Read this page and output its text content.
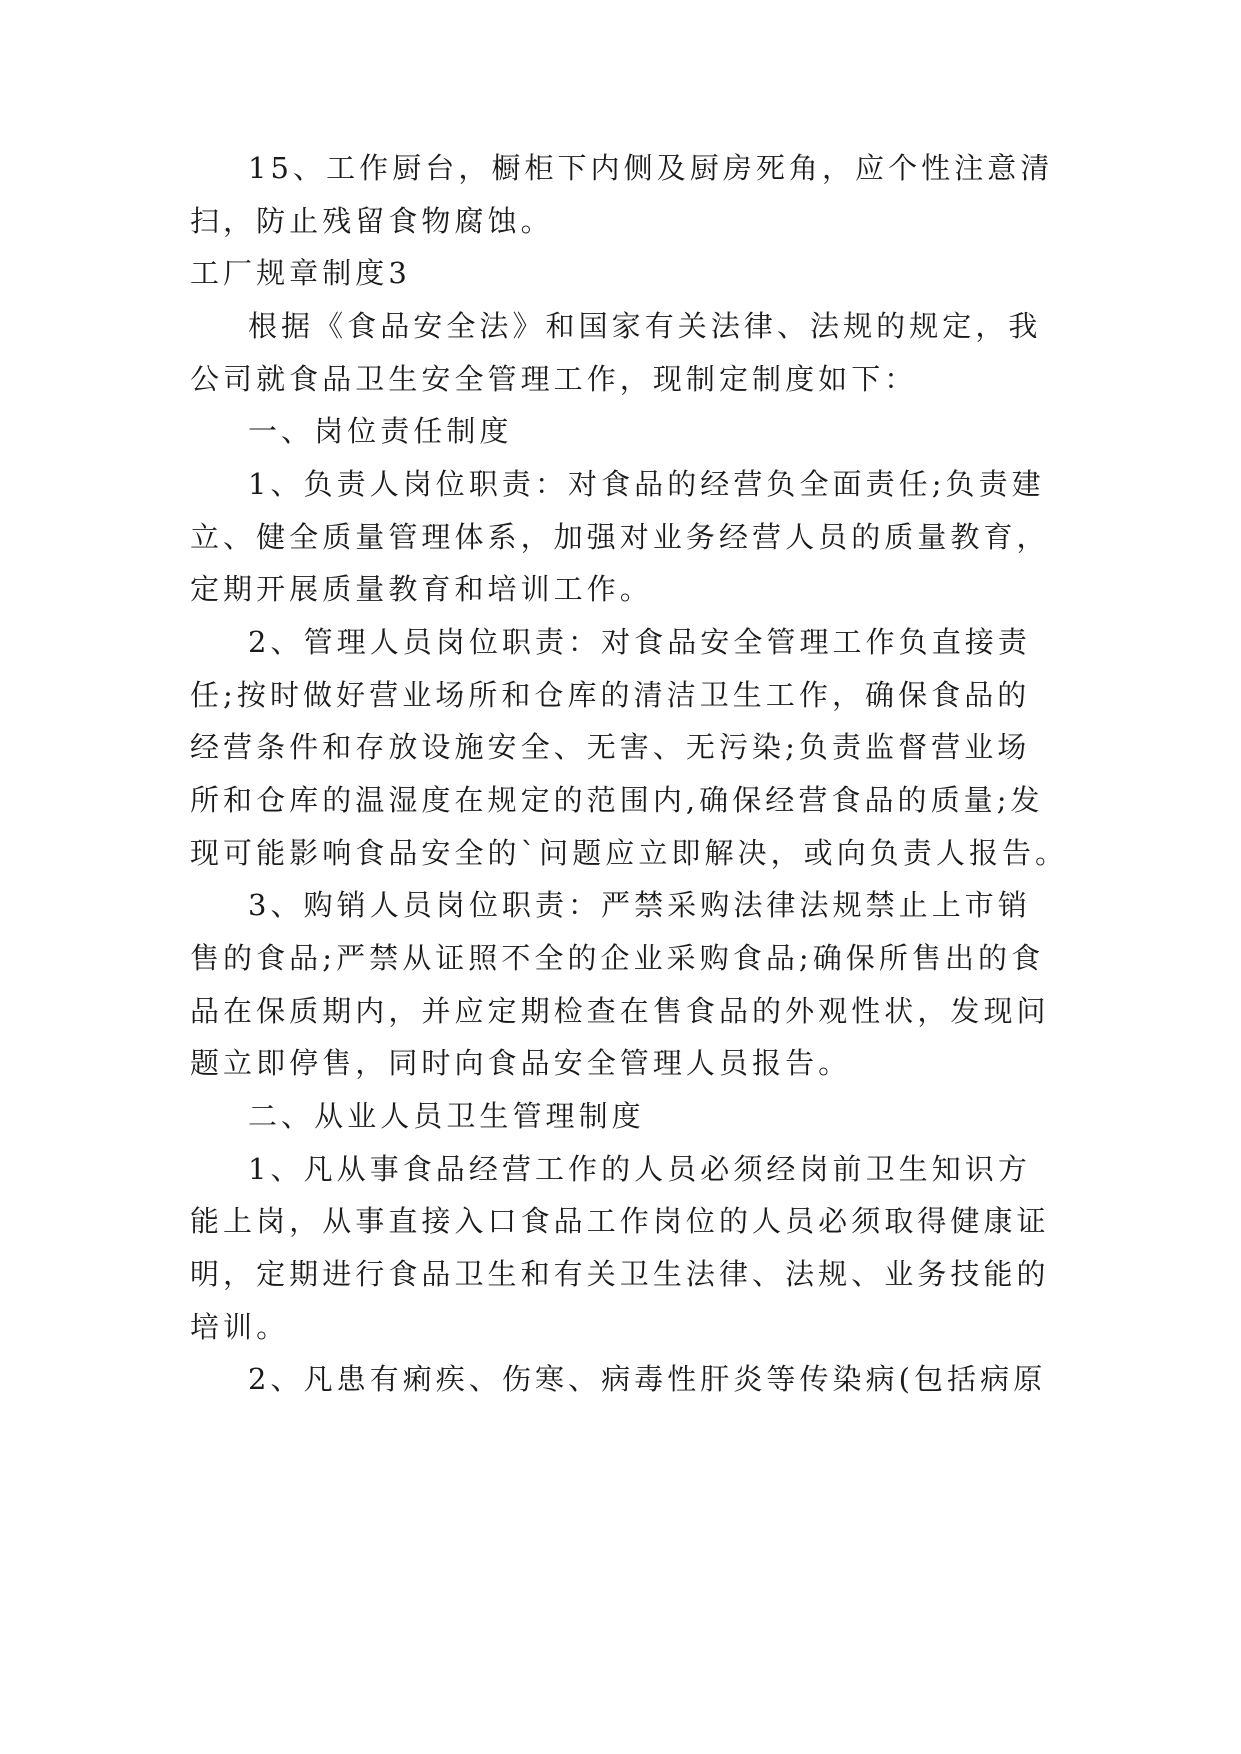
15、工作厨台，橱柜下内侧及厨房死角，应个性注意清
扫，防止残留食物腐蚀。
工厂规章制度3
根据《食品安全法》和国家有关法律、法规的规定，我
公司就食品卫生安全管理工作，现制定制度如下：
一、岗位责任制度
1、负责人岗位职责：对食品的经营负全面责任;负责建
立、健全质量管理体系，加强对业务经营人员的质量教育，
定期开展质量教育和培训工作。
2、管理人员岗位职责：对食品安全管理工作负直接责
任;按时做好营业场所和仓库的清洁卫生工作，确保食品的
经营条件和存放设施安全、无害、无污染;负责监督营业场
所和仓库的温湿度在规定的范围内,确保经营食品的质量;发
现可能影响食品安全的`问题应立即解决，或向负责人报告。
3、购销人员岗位职责：严禁采购法律法规禁止上市销
售的食品;严禁从证照不全的企业采购食品;确保所售出的食
品在保质期内，并应定期检查在售食品的外观性状，发现问
题立即停售，同时向食品安全管理人员报告。
二、从业人员卫生管理制度
1、凡从事食品经营工作的人员必须经岗前卫生知识方
能上岗，从事直接入口食品工作岗位的人员必须取得健康证
明，定期进行食品卫生和有关卫生法律、法规、业务技能的
培训。
2、凡患有痢疾、伤寒、病毒性肝炎等传染病(包括病原
